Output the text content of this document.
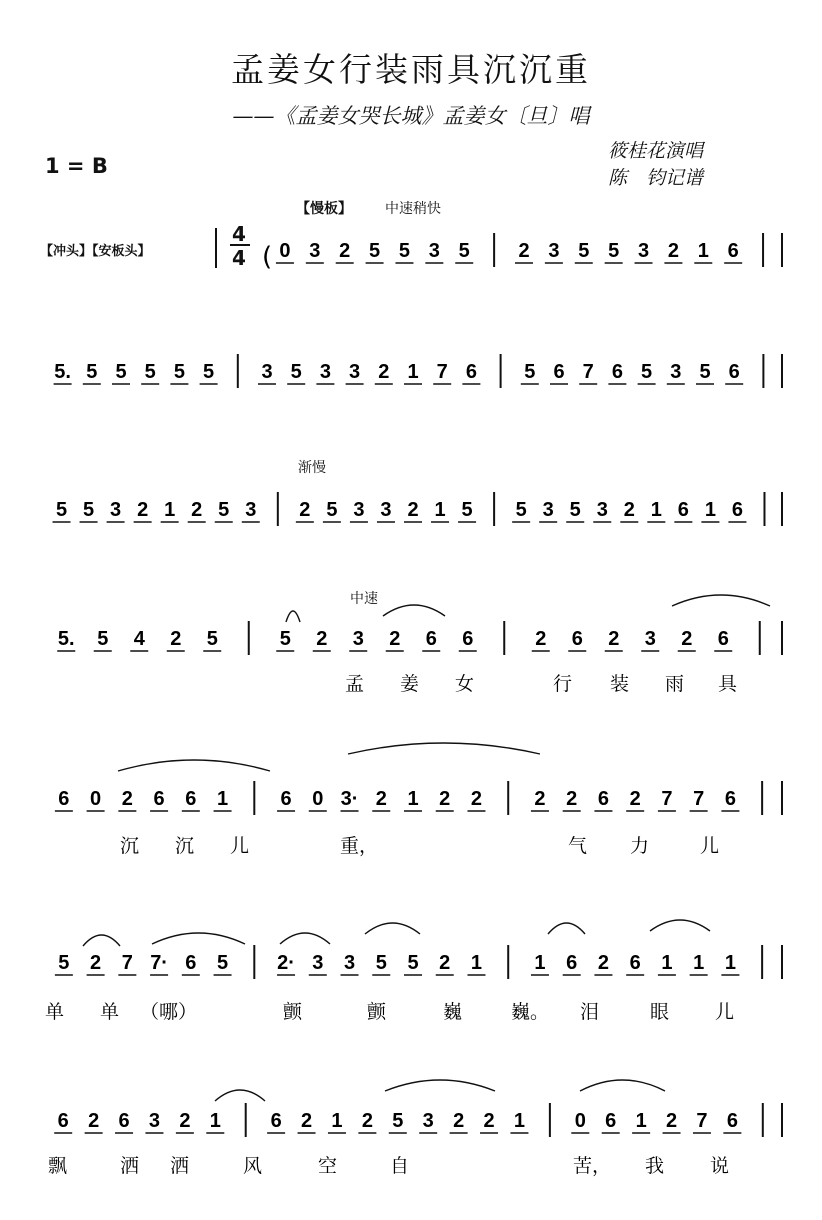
孟姜女行装雨具沉沉重
——《孟姜女哭长城》孟姜女〔旦〕唱
1 = B
筱桂花演唱
陈　钧记谱
【慢板】 中速稍快
【冲头】【安板头】
4
4
渐慢
中速
( 0 3 2 5 5 3 5 2 3 5 5 3 2 1 6
5. 5 5 5 5 5 3 5 3 3 2 1 7 6 5 6 7 6 5 3 5 6
5 5 3 2 1 2 5 3 2 5 3 3 2 1 5 5 3 5 3 2 1 6 1 6
5. 5 4 2 5	5 2 3 2 6 6	2 6 2 3 2 6
孟 姜 女	行 装 雨 具
6 0 2 6 6 1	6 0 3· 2 1 2 2	2 2 6 2 7 7 6
沉 沉 儿	重，	气 力	儿
5 2 7 7· 6 5 2· 3 3 5 5 2 1	1 6 2 6 1 1 1
单 单 （哪）	颤	颤	巍	巍。 泪	眼 儿
6 2 6 3 2 1 6 2 1 2 5 3 2 2 1 0 6 1 2 7 6
飘	洒 洒	风	空	自	苦， 我 说
